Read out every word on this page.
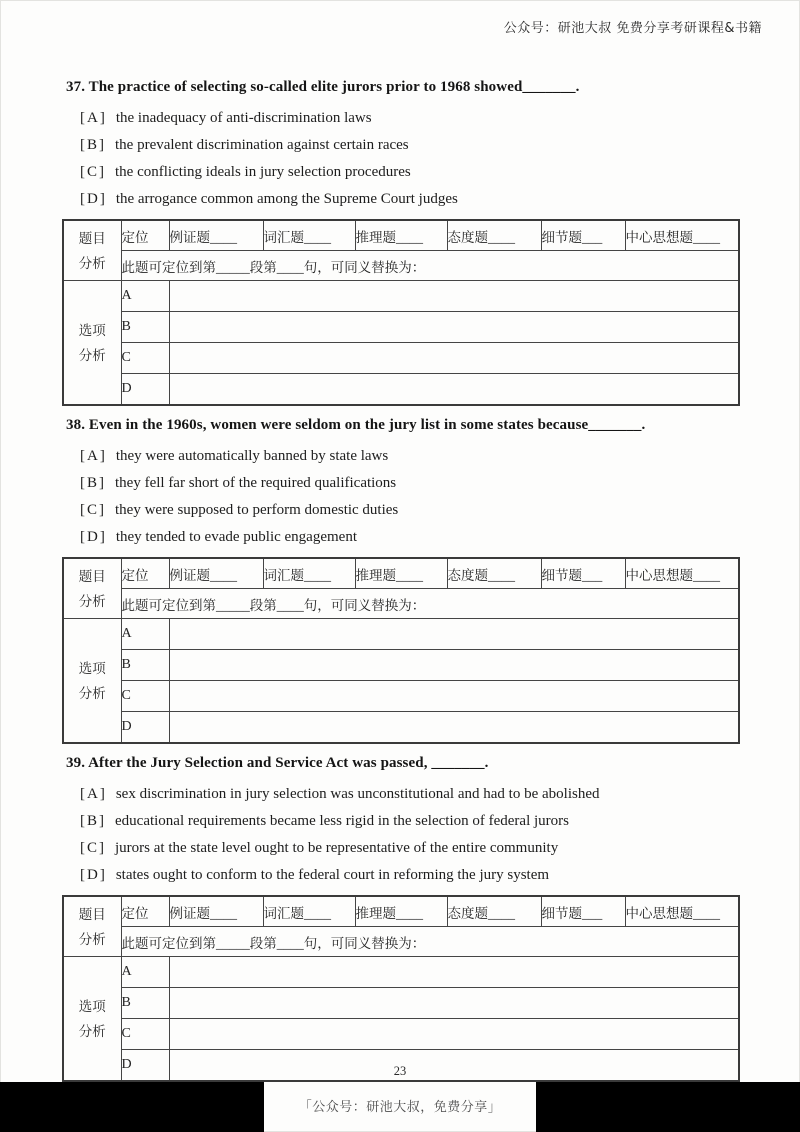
公众号：研池大叔 免费分享考研课程&书籍
37. The practice of selecting so-called elite jurors prior to 1968 showed_______.
[A] the inadequacy of anti-discrimination laws
[B] the prevalent discrimination against certain races
[C] the conflicting ideals in jury selection procedures
[D] the arrogance common among the Supreme Court judges
题目
分析	定位	例证题____	词汇题____	推理题____	态度题____	细节题___	中心思想题____
	此题可定位到第_____段第____句，可同义替换为：						

选项
分析	A						
	B						
	C						
	D						
38. Even in the 1960s, women were seldom on the jury list in some states because_______.
[A] they were automatically banned by state laws
[B] they fell far short of the required qualifications
[C] they were supposed to perform domestic duties
[D] they tended to evade public engagement
题目
分析	定位	例证题____	词汇题____	推理题____	态度题____	细节题___	中心思想题____
	此题可定位到第_____段第____句，可同义替换为：						

选项
分析	A						
	B						
	C						
	D						
39. After the Jury Selection and Service Act was passed, _______.
[A] sex discrimination in jury selection was unconstitutional and had to be abolished
[B] educational requirements became less rigid in the selection of federal jurors
[C] jurors at the state level ought to be representative of the entire community
[D] states ought to conform to the federal court in reforming the jury system
题目
分析	定位	例证题____	词汇题____	推理题____	态度题____	细节题___	中心思想题____
	此题可定位到第_____段第____句，可同义替换为：						

选项
分析	A						
	B						
	C						
	D							23
「公众号：研池大叔，免费分享」
